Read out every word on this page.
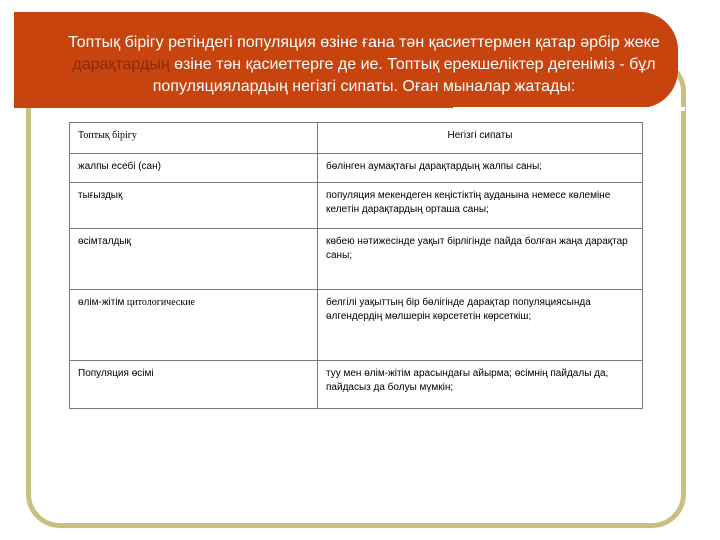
Топтық бірігу ретіндегі популяция өзіне ғана тән қасиеттермен қатар әрбір жеке дарақтардың өзіне тән қасиеттерге де ие. Топтық ерекшеліктер дегеніміз - бұл популяциялардың негізгі сипаты. Оған мыналар жатады:

Топтық бірігу	Негізгі сипаты
жалпы есебі (сан)	бөлінген аумақтағы дарақтардың жалпы саны;
тығыздық	популяция мекендеген кеңістіктің ауданына немесе көлеміне келетін дарақтардың орташа саны;
өсімталдық	көбею нәтижесінде уақыт бірлігінде пайда болған жаңа дарақтар саны;
өлім-жітім цитологические	белгілі уақыттың бір бөлігінде дарақтар популяциясында өлгендердің мөлшерін көрсететін көрсеткіш;
Популяция өсімі	туу мен өлім-жітім арасындағы айырма; өсімнің пайдалы да, пайдасыз да болуы мүмкін;
